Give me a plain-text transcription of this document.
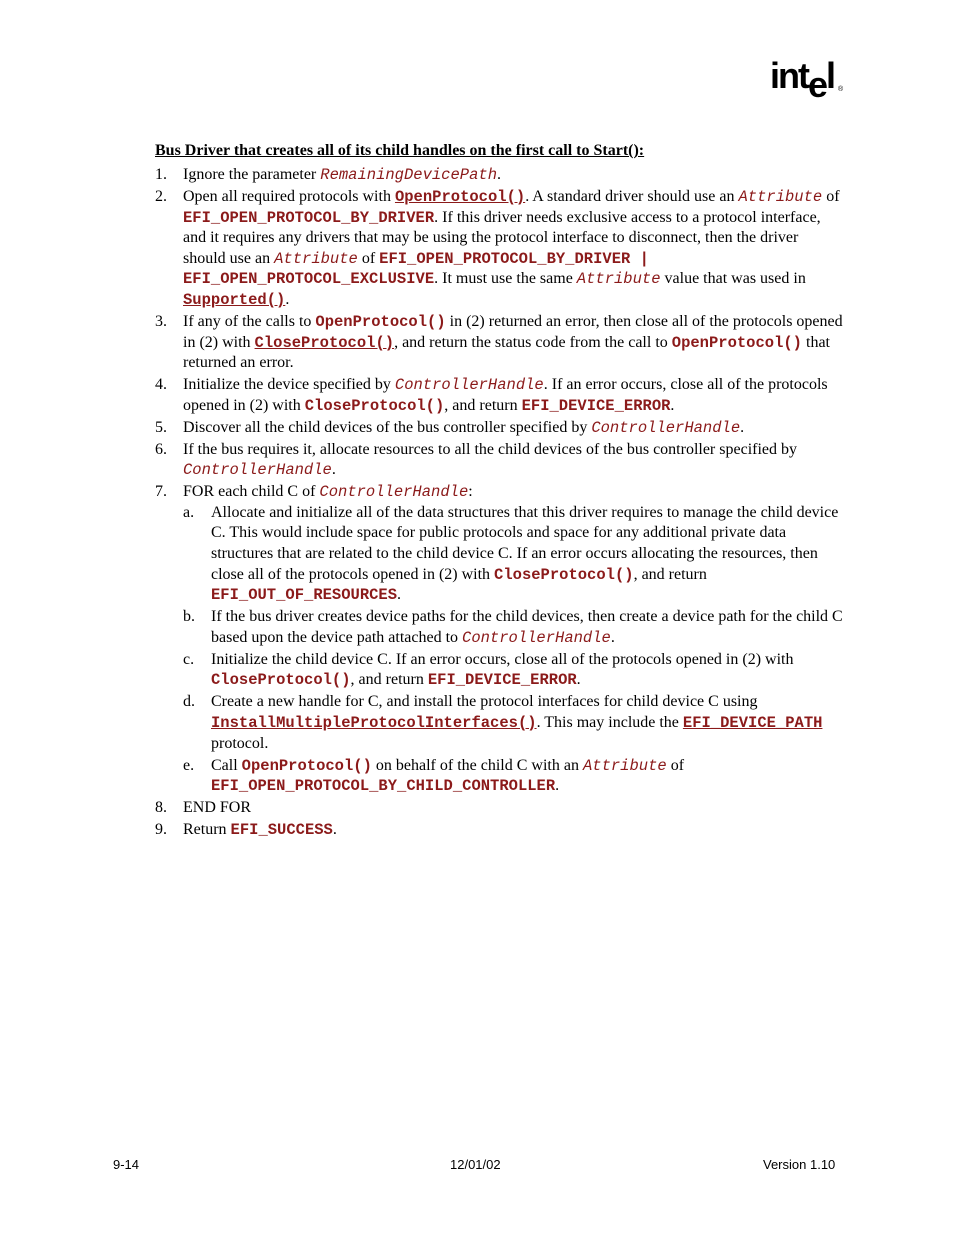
intel ®
Bus Driver that creates all of its child handles on the first call to Start():
1. Ignore the parameter RemainingDevicePath.
2. Open all required protocols with OpenProtocol(). A standard driver should use an Attribute of EFI_OPEN_PROTOCOL_BY_DRIVER. If this driver needs exclusive access to a protocol interface, and it requires any drivers that may be using the protocol interface to disconnect, then the driver should use an Attribute of EFI_OPEN_PROTOCOL_BY_DRIVER | EFI_OPEN_PROTOCOL_EXCLUSIVE. It must use the same Attribute value that was used in Supported().
3. If any of the calls to OpenProtocol() in (2) returned an error, then close all of the protocols opened in (2) with CloseProtocol(), and return the status code from the call to OpenProtocol() that returned an error.
4. Initialize the device specified by ControllerHandle. If an error occurs, close all of the protocols opened in (2) with CloseProtocol(), and return EFI_DEVICE_ERROR.
5. Discover all the child devices of the bus controller specified by ControllerHandle.
6. If the bus requires it, allocate resources to all the child devices of the bus controller specified by ControllerHandle.
7. FOR each child C of ControllerHandle:
a. Allocate and initialize all of the data structures that this driver requires to manage the child device C. This would include space for public protocols and space for any additional private data structures that are related to the child device C. If an error occurs allocating the resources, then close all of the protocols opened in (2) with CloseProtocol(), and return EFI_OUT_OF_RESOURCES.
b. If the bus driver creates device paths for the child devices, then create a device path for the child C based upon the device path attached to ControllerHandle.
c. Initialize the child device C. If an error occurs, close all of the protocols opened in (2) with CloseProtocol(), and return EFI_DEVICE_ERROR.
d. Create a new handle for C, and install the protocol interfaces for child device C using InstallMultipleProtocolInterfaces(). This may include the EFI_DEVICE_PATH protocol.
e. Call OpenProtocol() on behalf of the child C with an Attribute of EFI_OPEN_PROTOCOL_BY_CHILD_CONTROLLER.
8. END FOR
9. Return EFI_SUCCESS.
9-14	12/01/02	Version 1.10
